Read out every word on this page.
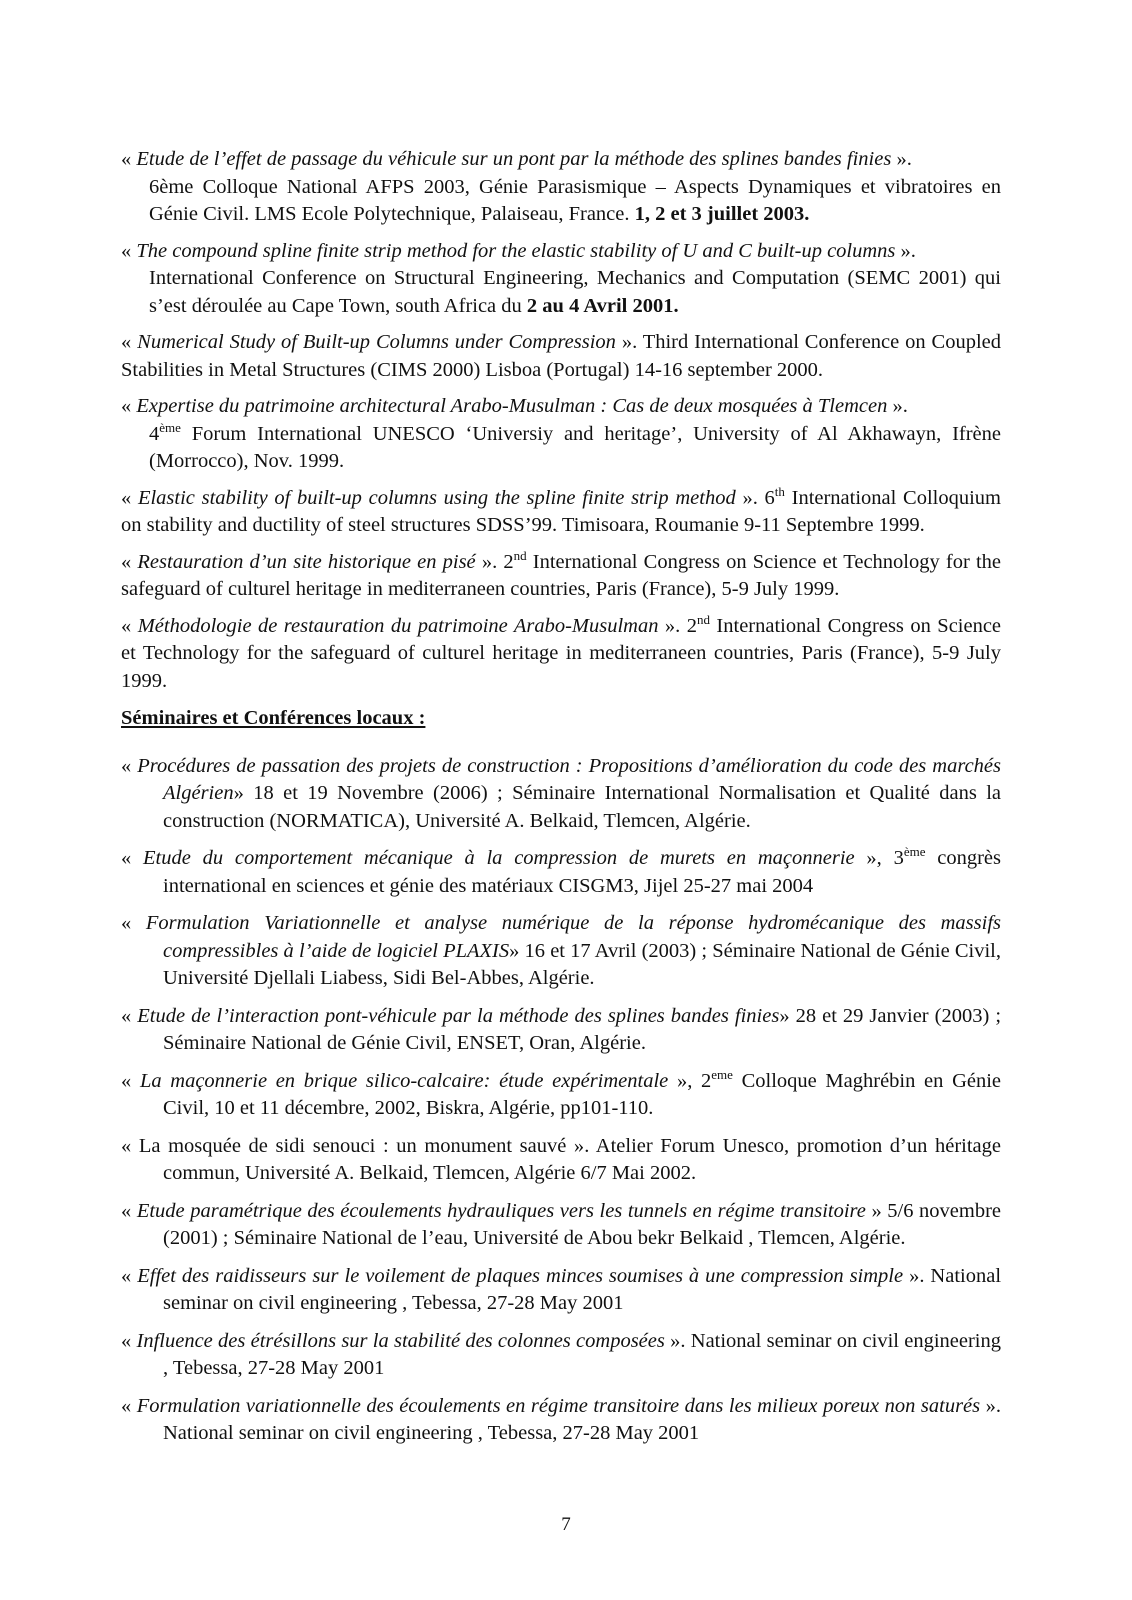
« Etude de l’effet de passage du véhicule sur un pont par la méthode des splines bandes finies ».
6ème Colloque National AFPS 2003, Génie Parasismique – Aspects Dynamiques et vibratoires en Génie Civil. LMS Ecole Polytechnique, Palaiseau, France. 1, 2 et 3 juillet 2003.
« The compound spline finite strip method for the elastic stability of U and C built-up columns ».
International Conference on Structural Engineering, Mechanics and Computation (SEMC 2001) qui s’est déroulée au Cape Town, south Africa du 2 au 4 Avril 2001.
« Numerical Study of Built-up Columns under Compression ». Third International Conference on Coupled Stabilities in Metal Structures (CIMS 2000) Lisboa (Portugal) 14-16 september 2000.
« Expertise du patrimoine architectural Arabo-Musulman : Cas de deux mosquées à Tlemcen ».
4ème Forum International UNESCO ‘Universiy and heritage’, University of Al Akhawayn, Ifrène (Morrocco), Nov. 1999.
« Elastic stability of built-up columns using the spline finite strip method ». 6th International Colloquium on stability and ductility of steel structures SDSS’99. Timisoara, Roumanie 9-11 Septembre 1999.
« Restauration d’un site historique en pisé ». 2nd International Congress on Science et Technology for the safeguard of culturel heritage in mediterraneen countries, Paris (France), 5-9 July 1999.
« Méthodologie de restauration du patrimoine Arabo-Musulman ». 2nd International Congress on Science et Technology for the safeguard of culturel heritage in mediterraneen countries, Paris (France), 5-9 July 1999.
Séminaires et Conférences locaux :
« Procédures de passation des projets de construction : Propositions d’amélioration du code des marchés Algérien» 18 et 19 Novembre (2006) ; Séminaire International Normalisation et Qualité dans la construction (NORMATICA), Université A. Belkaid, Tlemcen, Algérie.
« Etude du comportement mécanique à la compression de murets en maçonnerie », 3ème congrès international en sciences et génie des matériaux CISGM3, Jijel 25-27 mai 2004
« Formulation Variationnelle et analyse numérique de la réponse hydromécanique des massifs compressibles à l’aide de logiciel PLAXIS» 16 et 17 Avril (2003) ; Séminaire National de Génie Civil, Université Djellali Liabess, Sidi Bel-Abbes, Algérie.
« Etude de l’interaction pont-véhicule par la méthode des splines bandes finies» 28 et 29 Janvier (2003) ; Séminaire National de Génie Civil, ENSET, Oran, Algérie.
« La maçonnerie en brique silico-calcaire: étude expérimentale », 2eme Colloque Maghrébin en Génie Civil, 10 et 11 décembre, 2002, Biskra, Algérie, pp101-110.
« La mosquée de sidi senouci : un monument sauvé ». Atelier Forum Unesco, promotion d’un héritage commun, Université A. Belkaid, Tlemcen, Algérie 6/7 Mai 2002.
« Etude paramétrique des écoulements hydrauliques vers les tunnels en régime transitoire » 5/6 novembre (2001) ; Séminaire National de l’eau, Université de Abou bekr Belkaid , Tlemcen, Algérie.
« Effet des raidisseurs sur le voilement de plaques minces soumises à une compression simple ». National seminar on civil engineering , Tebessa, 27-28 May 2001
« Influence des étrésillons sur la stabilité des colonnes composées ». National seminar on civil engineering , Tebessa, 27-28 May 2001
« Formulation variationnelle des écoulements en régime transitoire dans les milieux poreux non saturés ». National seminar on civil engineering , Tebessa, 27-28 May 2001
7
